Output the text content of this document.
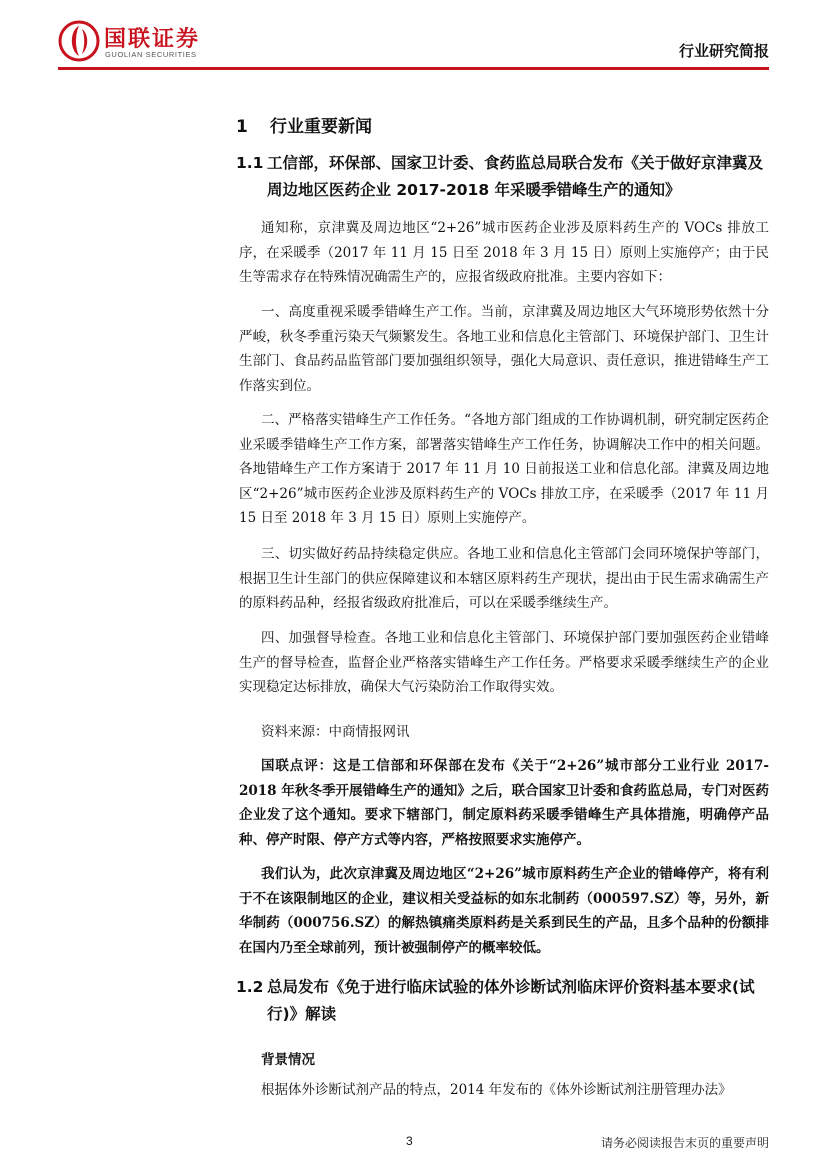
国联证券
GUOLIAN SECURITIES	行业研究简报
1 行业重要新闻
1.1 工信部，环保部、国家卫计委、食药监总局联合发布《关于做好京津冀及周边地区医药企业 2017-2018 年采暖季错峰生产的通知》

通知称，京津冀及周边地区“2+26”城市医药企业涉及原料药生产的 VOCs 排放工序，在采暖季（2017 年 11 月 15 日至 2018 年 3 月 15 日）原则上实施停产；由于民生等需求存在特殊情况确需生产的，应报省级政府批准。主要内容如下：

一、高度重视采暖季错峰生产工作。当前，京津冀及周边地区大气环境形势依然十分严峻，秋冬季重污染天气频繁发生。各地工业和信息化主管部门、环境保护部门、卫生计生部门、食品药品监管部门要加强组织领导，强化大局意识、责任意识，推进错峰生产工作落实到位。

二、严格落实错峰生产工作任务。“各地方部门组成的工作协调机制，研究制定医药企业采暖季错峰生产工作方案，部署落实错峰生产工作任务，协调解决工作中的相关问题。各地错峰生产工作方案请于 2017 年 11 月 10 日前报送工业和信息化部。津冀及周边地区“2+26”城市医药企业涉及原料药生产的 VOCs 排放工序，在采暖季（2017 年 11 月 15 日至 2018 年 3 月 15 日）原则上实施停产。

三、切实做好药品持续稳定供应。各地工业和信息化主管部门会同环境保护等部门，根据卫生计生部门的供应保障建议和本辖区原料药生产现状，提出由于民生需求确需生产的原料药品种，经报省级政府批准后，可以在采暖季继续生产。

四、加强督导检查。各地工业和信息化主管部门、环境保护部门要加强医药企业错峰生产的督导检查，监督企业严格落实错峰生产工作任务。严格要求采暖季继续生产的企业实现稳定达标排放，确保大气污染防治工作取得实效。

资料来源：中商情报网讯

国联点评：这是工信部和环保部在发布《关于“2+26”城市部分工业行业 2017-2018 年秋冬季开展错峰生产的通知》之后，联合国家卫计委和食药监总局，专门对医药企业发了这个通知。要求下辖部门，制定原料药采暖季错峰生产具体措施，明确停产品种、停产时限、停产方式等内容，严格按照要求实施停产。

我们认为，此次京津冀及周边地区“2+26”城市原料药生产企业的错峰停产，将有利于不在该限制地区的企业，建议相关受益标的如东北制药（000597.SZ）等，另外，新华制药（000756.SZ）的解热镇痛类原料药是关系到民生的产品，且多个品种的份额排在国内乃至全球前列，预计被强制停产的概率较低。

1.2 总局发布《免于进行临床试验的体外诊断试剂临床评价资料基本要求(试行)》解读
背景情况

根据体外诊断试剂产品的特点，2014 年发布的《体外诊断试剂注册管理办法》

3	请务必阅读报告末页的重要声明
